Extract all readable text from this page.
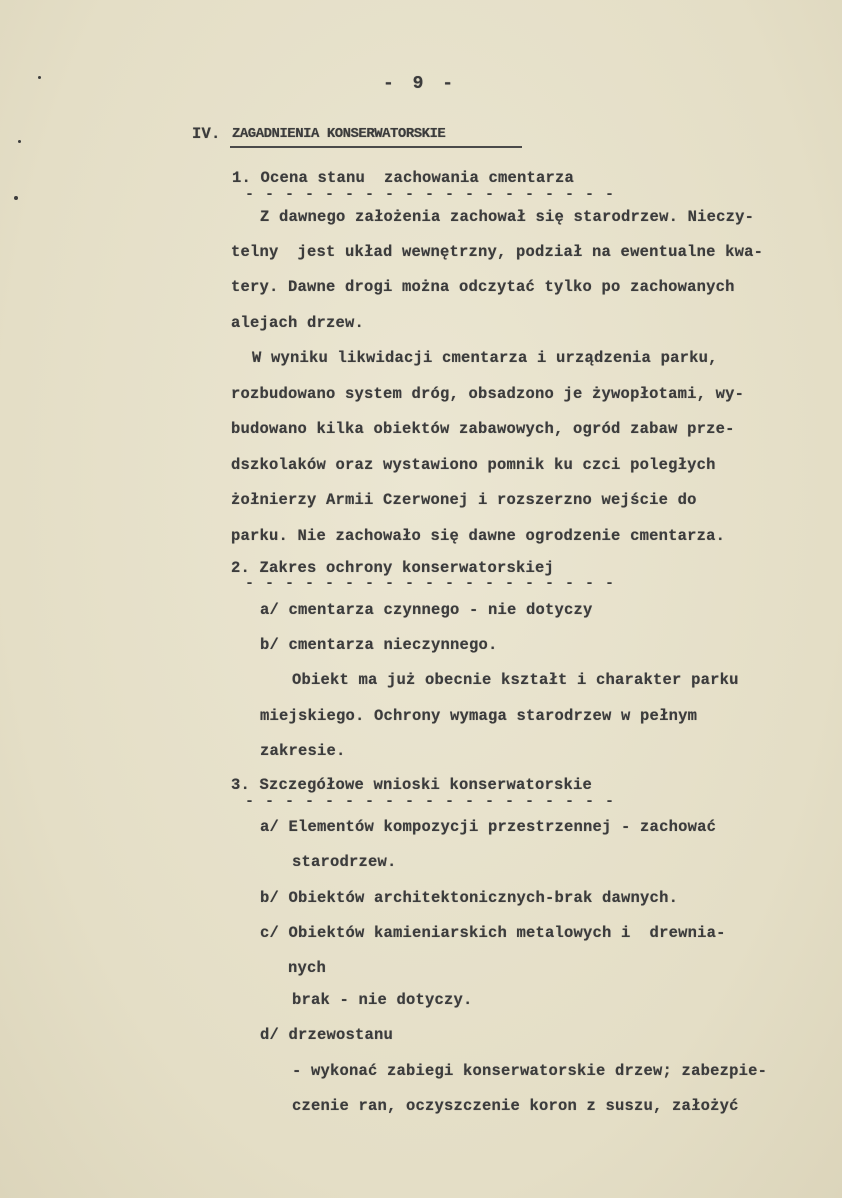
- 9 -
IV. ZAGADNIENIA KONSERWATORSKIE
1. Ocena stanu  zachowania cmentarza
- - - - - - - - - - - - - - - - - - -
Z dawnego założenia zachował się starodrzew. Nieczy-
telny  jest układ wewnętrzny, podział na ewentualne kwa-
tery. Dawne drogi można odczytać tylko po zachowanych
alejach drzew.
W wyniku likwidacji cmentarza i urządzenia parku,
rozbudowano system dróg, obsadzono je żywopłotami, wy-
budowano kilka obiektów zabawowych, ogród zabaw prze-
dszkolaków oraz wystawiono pomnik ku czci poległych
żołnierzy Armii Czerwonej i rozszerzno wejście do
parku. Nie zachowało się dawne ogrodzenie cmentarza.
2. Zakres ochrony konserwatorskiej
- - - - - - - - - - - - - - - - - - -
a/ cmentarza czynnego - nie dotyczy
b/ cmentarza nieczynnego.
Obiekt ma już obecnie kształt i charakter parku
miejskiego. Ochrony wymaga starodrzew w pełnym
zakresie.
3. Szczegółowe wnioski konserwatorskie
- - - - - - - - - - - - - - - - - - -
a/ Elementów kompozycji przestrzennej - zachować
starodrzew.
b/ Obiektów architektonicznych-brak dawnych.
c/ Obiektów kamieniarskich metalowych i  drewnia-
nych
brak - nie dotyczy.
d/ drzewostanu
- wykonać zabiegi konserwatorskie drzew; zabezpie-
czenie ran, oczyszczenie koron z suszu, założyć
